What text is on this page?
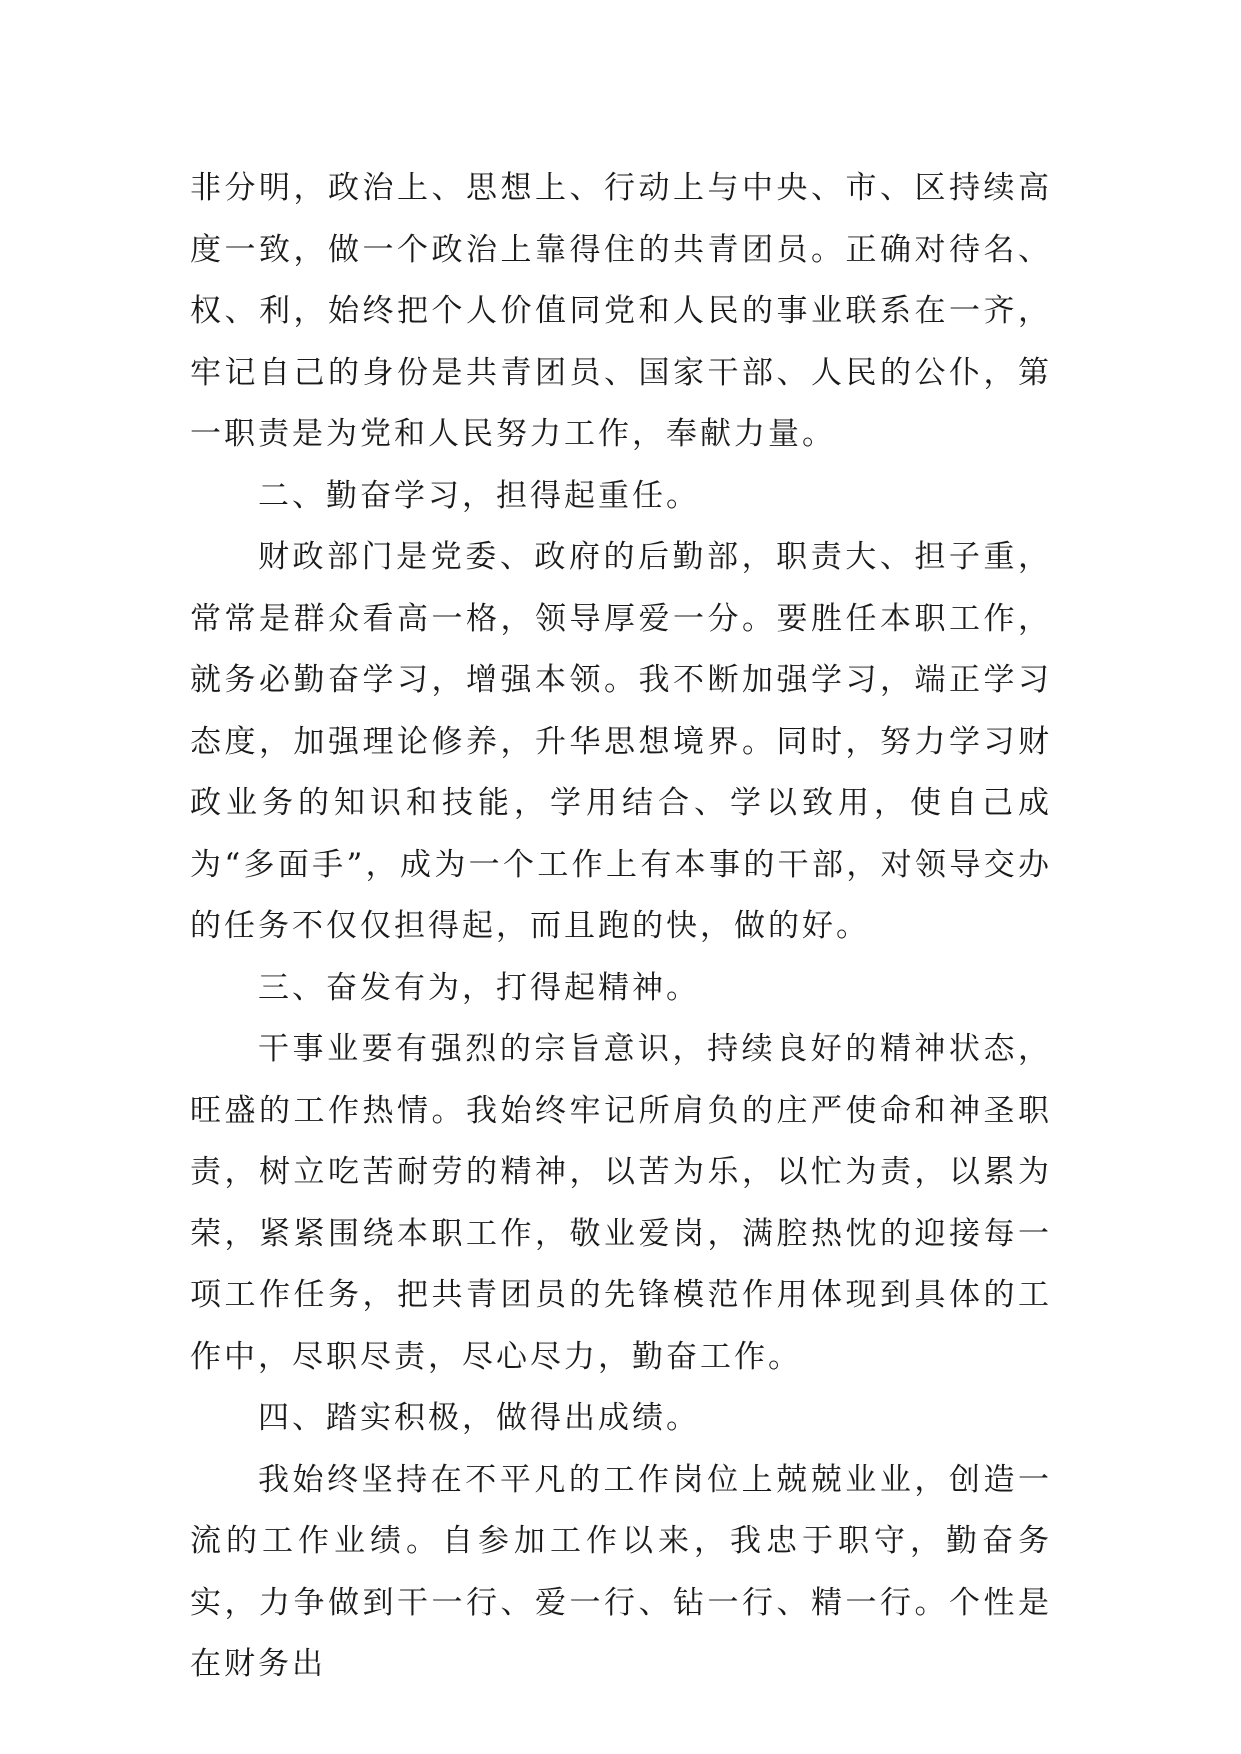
非分明，政治上、思想上、行动上与中央、市、区持续高度一致，做一个政治上靠得住的共青团员。正确对待名、权、利，始终把个人价值同党和人民的事业联系在一齐，牢记自己的身份是共青团员、国家干部、人民的公仆，第一职责是为党和人民努力工作，奉献力量。

二、勤奋学习，担得起重任。

财政部门是党委、政府的后勤部，职责大、担子重，常常是群众看高一格，领导厚爱一分。要胜任本职工作，就务必勤奋学习，增强本领。我不断加强学习，端正学习态度，加强理论修养，升华思想境界。同时，努力学习财政业务的知识和技能，学用结合、学以致用，使自己成为“多面手”，成为一个工作上有本事的干部，对领导交办的任务不仅仅担得起，而且跑的快，做的好。

三、奋发有为，打得起精神。

干事业要有强烈的宗旨意识，持续良好的精神状态，旺盛的工作热情。我始终牢记所肩负的庄严使命和神圣职责，树立吃苦耐劳的精神，以苦为乐，以忙为责，以累为荣，紧紧围绕本职工作，敬业爱岗，满腔热忱的迎接每一项工作任务，把共青团员的先锋模范作用体现到具体的工作中，尽职尽责，尽心尽力，勤奋工作。

四、踏实积极，做得出成绩。

我始终坚持在不平凡的工作岗位上兢兢业业，创造一流的工作业绩。自参加工作以来，我忠于职守，勤奋务实，力争做到干一行、爱一行、钻一行、精一行。个性是在财务出
